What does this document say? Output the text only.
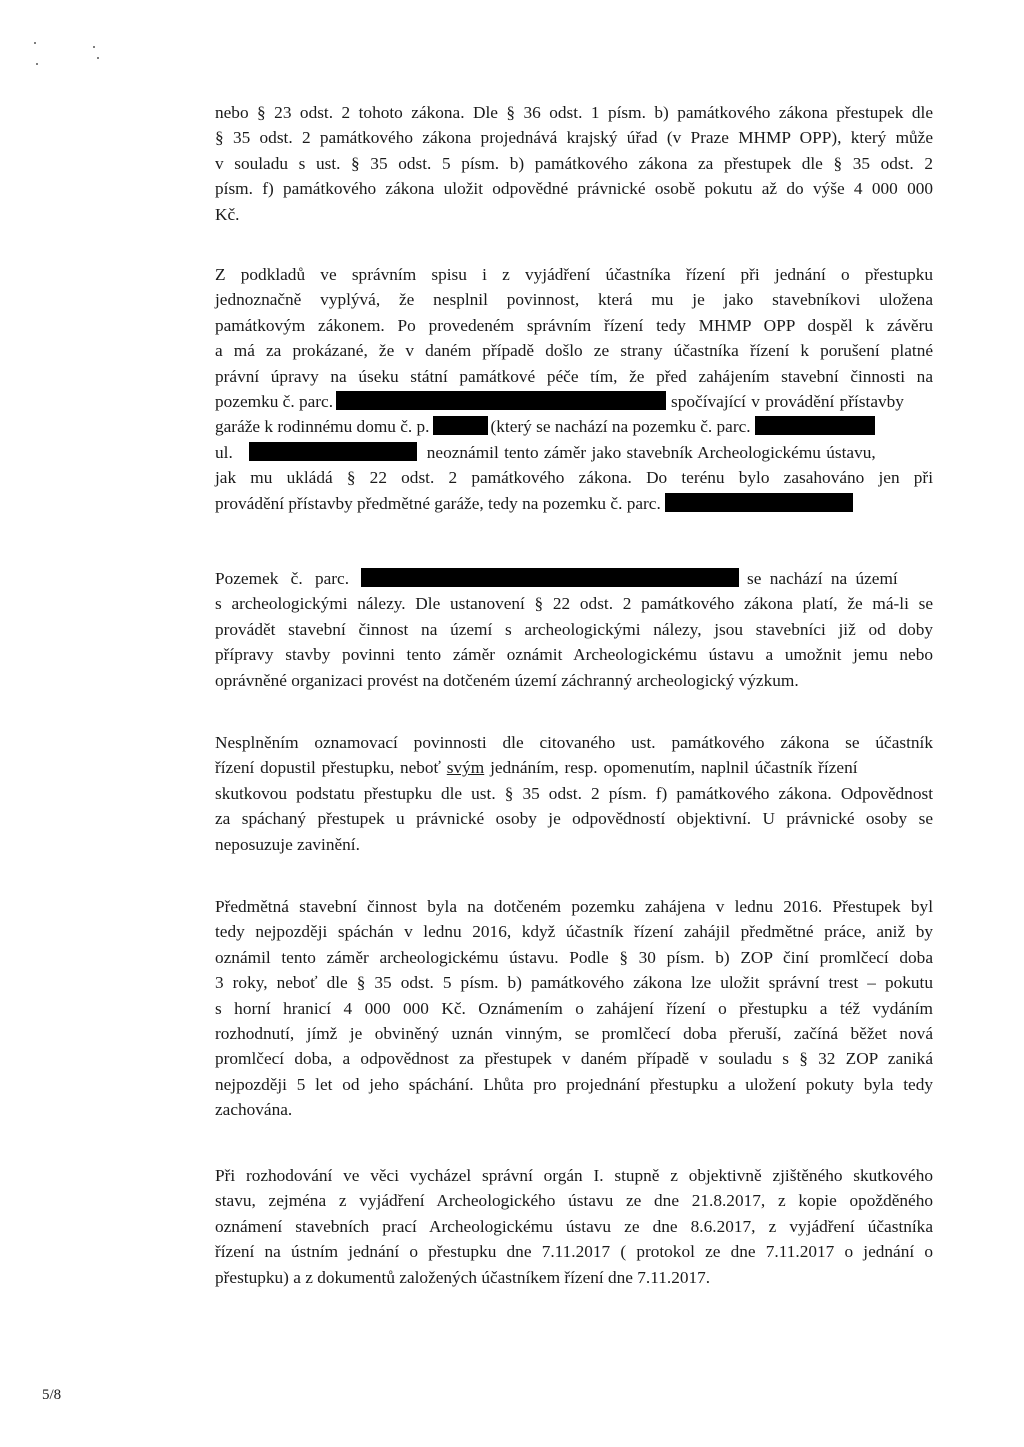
nebo § 23 odst. 2 tohoto zákona. Dle § 36 odst. 1 písm. b) památkového zákona přestupek dle
§ 35 odst. 2 památkového zákona projednává krajský úřad (v Praze MHMP OPP), který může
v souladu s ust. § 35 odst. 5 písm. b) památkového zákona za přestupek dle § 35 odst. 2
písm. f) památkového zákona uložit odpovědné právnické osobě pokutu až do výše 4 000 000
Kč.

Z podkladů ve správním spisu i z vyjádření účastníka řízení při jednání o přestupku
jednoznačně vyplývá, že nesplnil povinnost, která mu je jako stavebníkovi uložena
památkovým zákonem. Po provedeném správním řízení tedy MHMP OPP dospěl k závěru
a má za prokázané, že v daném případě došlo ze strany účastníka řízení k porušení platné
právní úpravy na úseku státní památkové péče tím, že před zahájením stavební činnosti na
pozemku č. parc.	spočívající v provádění přístavby
garáže k rodinnému domu č. p.	(který se nachází na pozemku č. parc.
ul.	neoznámil tento záměr jako stavebník Archeologickému ústavu,
jak mu ukládá § 22 odst. 2 památkového zákona. Do terénu bylo zasahováno jen při
provádění přístavby předmětné garáže, tedy na pozemku č. parc.

Pozemek č. parc.	se nachází na území
s archeologickými nálezy. Dle ustanovení § 22 odst. 2 památkového zákona platí, že má-li se
provádět stavební činnost na území s archeologickými nálezy, jsou stavebníci již od doby
přípravy stavby povinni tento záměr oznámit Archeologickému ústavu a umožnit jemu nebo
oprávněné organizaci provést na dotčeném území záchranný archeologický výzkum.

Nesplněním oznamovací povinnosti dle citovaného ust. památkového zákona se účastník
řízení dopustil přestupku, neboť svým jednáním, resp. opomenutím, naplnil účastník řízení
skutkovou podstatu přestupku dle ust. § 35 odst. 2 písm. f) památkového zákona. Odpovědnost
za spáchaný přestupek u právnické osoby je odpovědností objektivní. U právnické osoby se
neposuzuje zavinění.

Předmětná stavební činnost byla na dotčeném pozemku zahájena v lednu 2016. Přestupek byl
tedy nejpozději spáchán v lednu 2016, když účastník řízení zahájil předmětné práce, aniž by
oznámil tento záměr archeologickému ústavu. Podle § 30 písm. b) ZOP činí promlčecí doba
3 roky, neboť dle § 35 odst. 5 písm. b) památkového zákona lze uložit správní trest – pokutu
s horní hranicí 4 000 000 Kč. Oznámením o zahájení řízení o přestupku a též vydáním
rozhodnutí, jímž je obviněný uznán vinným, se promlčecí doba přeruší, začíná běžet nová
promlčecí doba, a odpovědnost za přestupek v daném případě v souladu s § 32 ZOP zaniká
nejpozději 5 let od jeho spáchání. Lhůta pro projednání přestupku a uložení pokuty byla tedy
zachována.

Při rozhodování ve věci vycházel správní orgán I. stupně z objektivně zjištěného skutkového
stavu, zejména z vyjádření Archeologického ústavu ze dne 21.8.2017, z kopie opožděného
oznámení stavebních prací Archeologickému ústavu ze dne 8.6.2017, z vyjádření účastníka
řízení na ústním jednání o přestupku dne 7.11.2017 ( protokol ze dne 7.11.2017 o jednání o
přestupku) a z dokumentů založených účastníkem řízení dne 7.11.2017.

5/8
